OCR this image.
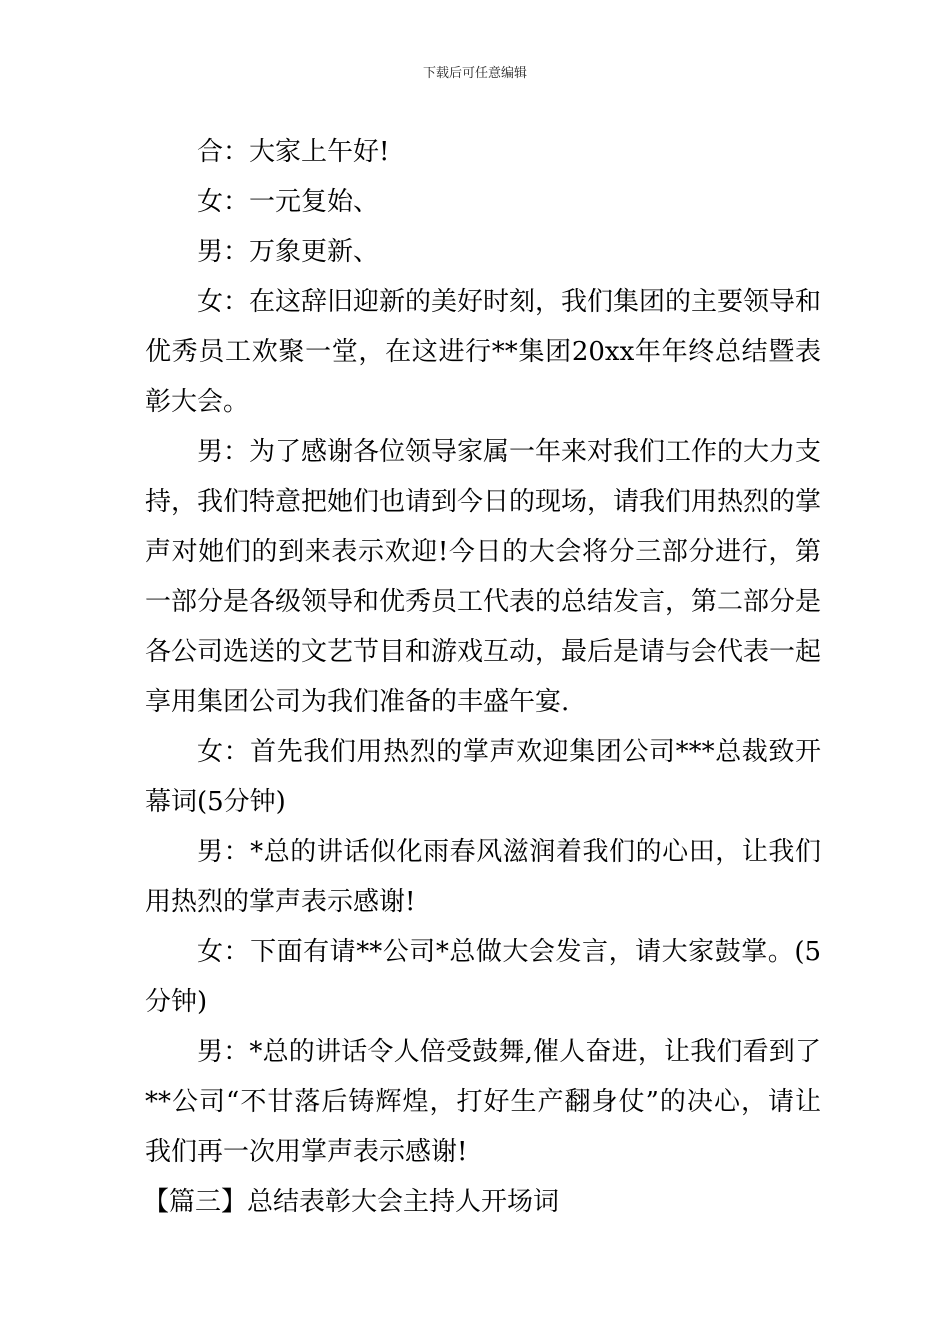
下载后可任意编辑

合：大家上午好!

女：一元复始、

男：万象更新、

女：在这辞旧迎新的美好时刻，我们集团的主要领导和优秀员工欢聚一堂，在这进行**集团20xx年年终总结暨表彰大会。

男：为了感谢各位领导家属一年来对我们工作的大力支持，我们特意把她们也请到今日的现场，请我们用热烈的掌声对她们的到来表示欢迎!今日的大会将分三部分进行，第一部分是各级领导和优秀员工代表的总结发言，第二部分是各公司选送的文艺节目和游戏互动，最后是请与会代表一起享用集团公司为我们准备的丰盛午宴.

女：首先我们用热烈的掌声欢迎集团公司***总裁致开幕词(5分钟)

男：*总的讲话似化雨春风滋润着我们的心田，让我们用热烈的掌声表示感谢!

女：下面有请**公司*总做大会发言，请大家鼓掌。(5分钟)

男：*总的讲话令人倍受鼓舞,催人奋进，让我们看到了**公司“不甘落后铸辉煌，打好生产翻身仗”的决心，请让我们再一次用掌声表示感谢!

【篇三】总结表彰大会主持人开场词
